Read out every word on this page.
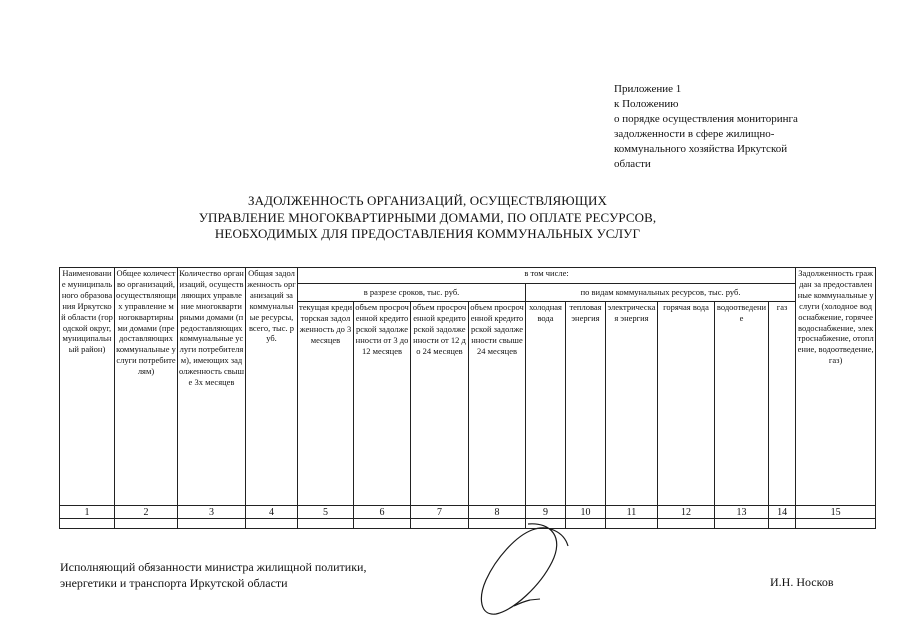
Приложение 1
к Положению
о порядке осуществления мониторинга
задолженности в сфере жилищно-
коммунального хозяйства Иркутской
области
ЗАДОЛЖЕННОСТЬ ОРГАНИЗАЦИЙ, ОСУЩЕСТВЛЯЮЩИХ
УПРАВЛЕНИЕ МНОГОКВАРТИРНЫМИ ДОМАМИ, ПО ОПЛАТЕ РЕСУРСОВ,
НЕОБХОДИМЫХ ДЛЯ ПРЕДОСТАВЛЕНИЯ КОММУНАЛЬНЫХ УСЛУГ
Наименование муниципального образования Иркутской области (городской округ, муниципальный район)	Общее количество организаций, осуществляющих управление многоквартирными домами (предоставляющих коммунальные услуги потребителям)	Количество организаций, осуществляющих управление многоквартирными домами (предоставляющих коммунальные услуги потребителям), имеющих задолженность свыше 3х месяцев	Общая задолженность организаций за коммунальные ресурсы, всего, тыс. руб.	в том числе:										Задолженность граждан за предоставленные коммунальные услуги (холодное водоснабжение, горячее водоснабжение, электроснабжение, отопление, водоотведение, газ)
				в разрезе сроков, тыс. руб.				по видам коммунальных ресурсов, тыс. руб.						
				текущая кредиторская задолженность до 3 месяцев	объем просроченной кредиторской задолженности от 3 до 12 месяцев	объем просроченной кредиторской задолженности от 12 до 24 месяцев	объем просроченной кредиторской задолженности свыше 24 месяцев	холодная вода	тепловая энергия	электрическая энергия	горячая вода	водоотведение	газ	
1	2	3	4	5	6	7	8	9	10	11	12	13	14	15

Исполняющий обязанности министра жилищной политики,
энергетики и транспорта Иркутской области	И.Н. Носков
